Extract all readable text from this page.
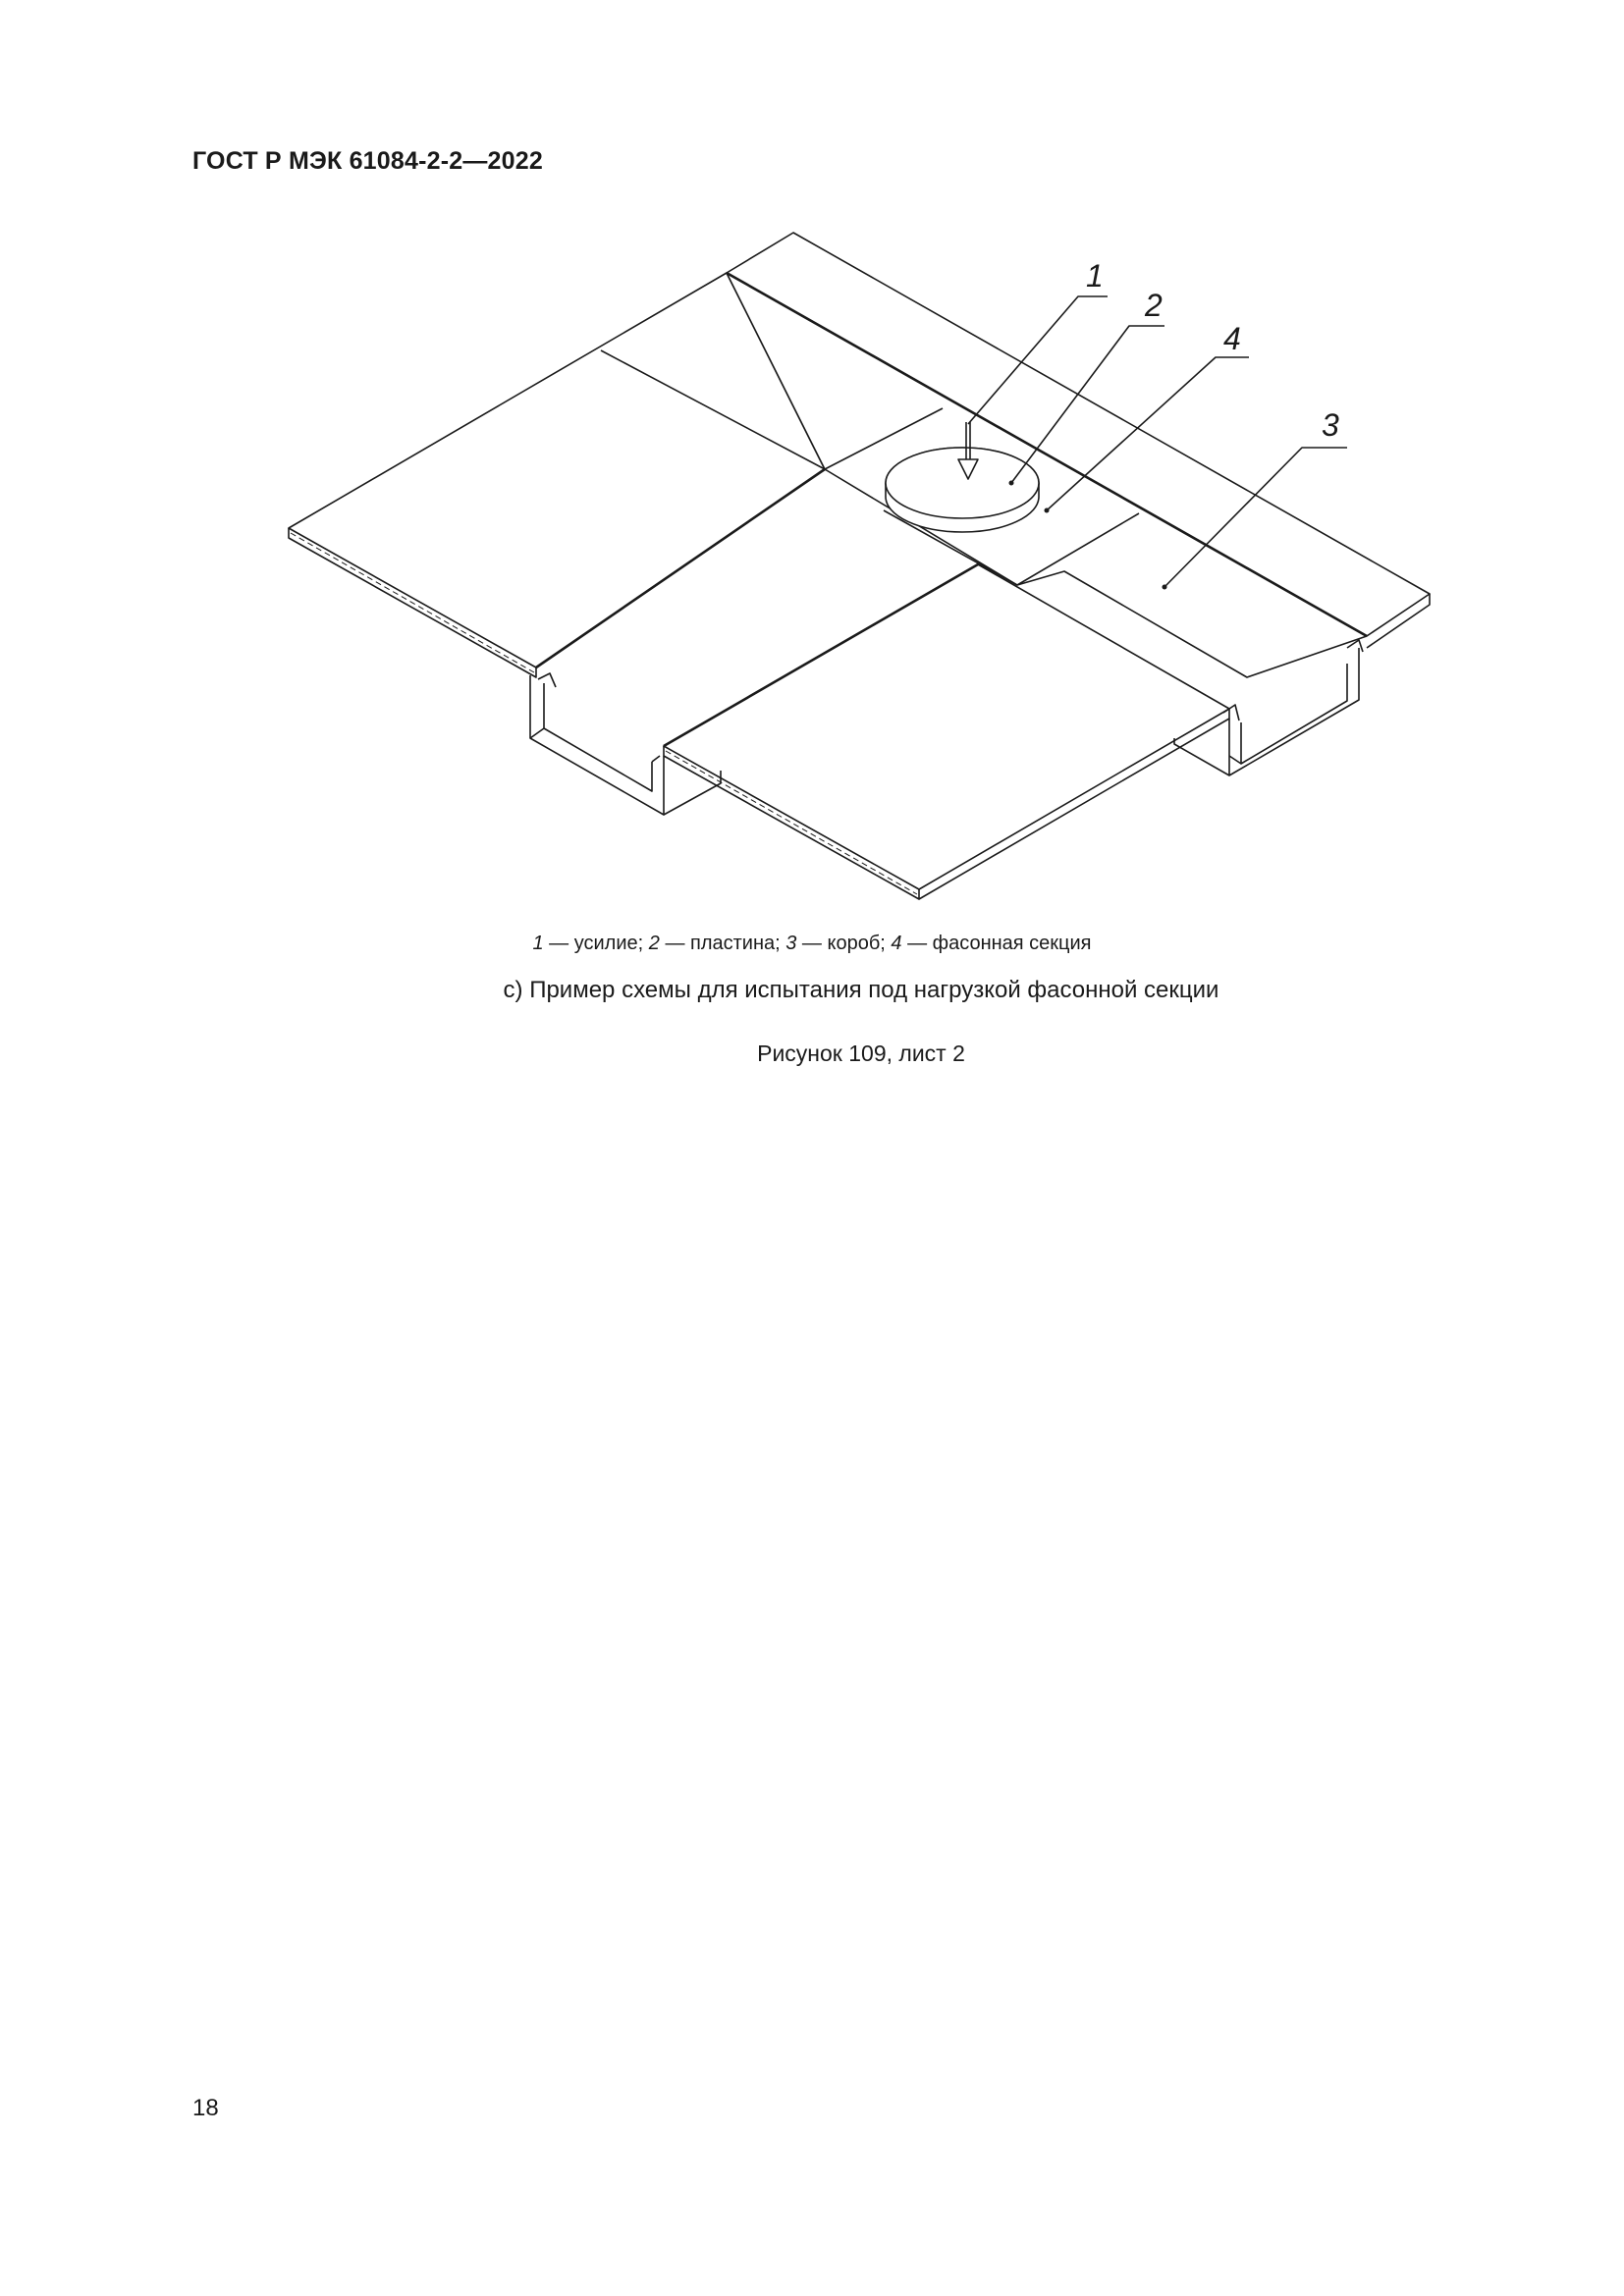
ГОСТ Р МЭК 61084-2-2—2022
1
2
4
3
1 — усилие; 2 — пластина; 3 — короб; 4 — фасонная секция
с) Пример схемы для испытания под нагрузкой фасонной секции
Рисунок 109, лист 2
18
